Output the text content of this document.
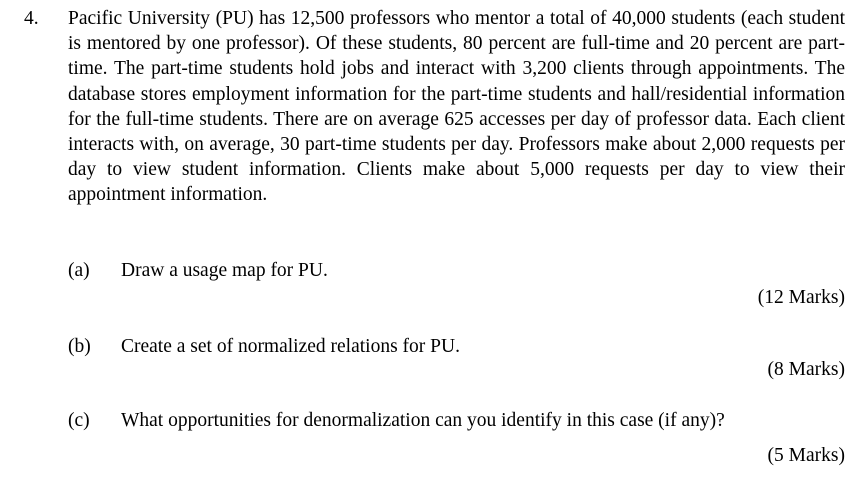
4. Pacific University (PU) has 12,500 professors who mentor a total of 40,000 students (each student is mentored by one professor). Of these students, 80 percent are full-time and 20 percent are part-time. The part-time students hold jobs and interact with 3,200 clients through appointments. The database stores employment information for the part-time students and hall/residential information for the full-time students. There are on average 625 accesses per day of professor data. Each client interacts with, on average, 30 part-time students per day. Professors make about 2,000 requests per day to view student information. Clients make about 5,000 requests per day to view their appointment information.
(a) Draw a usage map for PU.
(12 Marks)
(b) Create a set of normalized relations for PU.
(8 Marks)
(c) What opportunities for denormalization can you identify in this case (if any)?
(5 Marks)
